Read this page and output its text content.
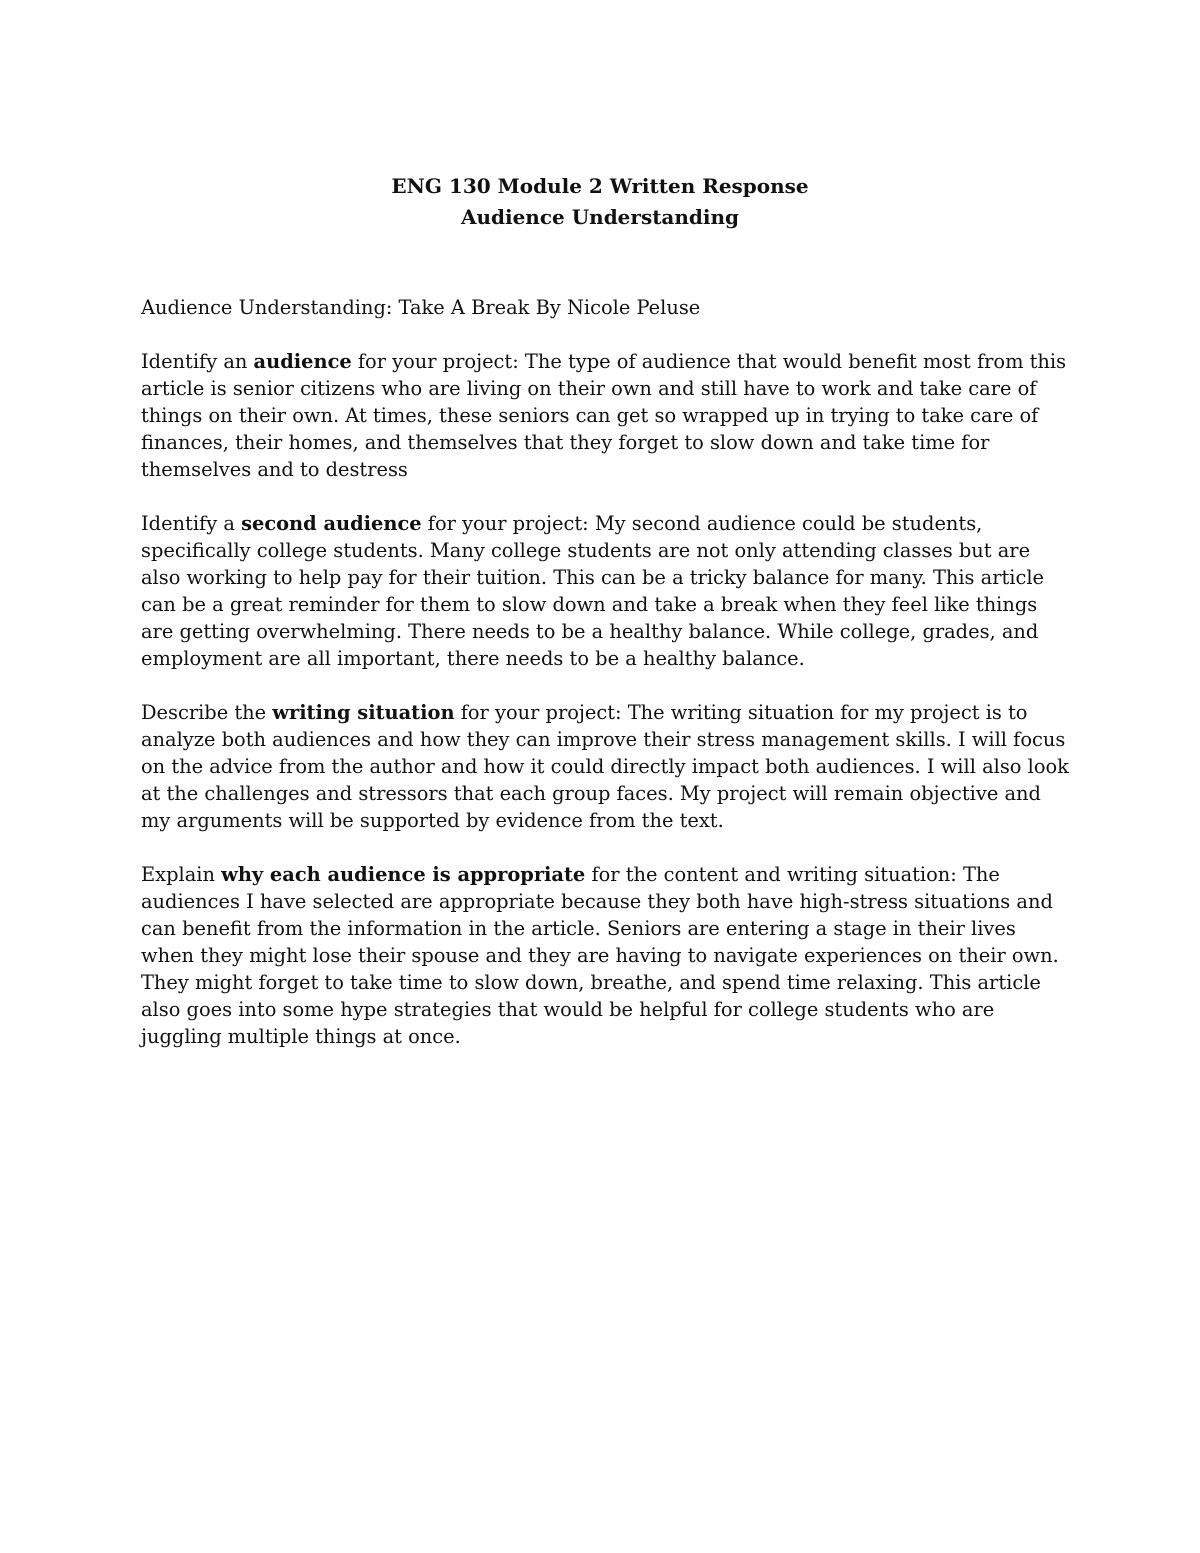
ENG 130 Module 2 Written Response
Audience Understanding

Audience Understanding: Take A Break By Nicole Peluse

Identify an audience for your project: The type of audience that would benefit most from this article is senior citizens who are living on their own and still have to work and take care of things on their own. At times, these seniors can get so wrapped up in trying to take care of finances, their homes, and themselves that they forget to slow down and take time for themselves and to destress

Identify a second audience for your project: My second audience could be students, specifically college students. Many college students are not only attending classes but are also working to help pay for their tuition. This can be a tricky balance for many. This article can be a great reminder for them to slow down and take a break when they feel like things are getting overwhelming. There needs to be a healthy balance. While college, grades, and employment are all important, there needs to be a healthy balance.

Describe the writing situation for your project: The writing situation for my project is to analyze both audiences and how they can improve their stress management skills. I will focus on the advice from the author and how it could directly impact both audiences. I will also look at the challenges and stressors that each group faces. My project will remain objective and my arguments will be supported by evidence from the text.

Explain why each audience is appropriate for the content and writing situation: The audiences I have selected are appropriate because they both have high-stress situations and can benefit from the information in the article. Seniors are entering a stage in their lives when they might lose their spouse and they are having to navigate experiences on their own. They might forget to take time to slow down, breathe, and spend time relaxing. This article also goes into some hype strategies that would be helpful for college students who are juggling multiple things at once.
